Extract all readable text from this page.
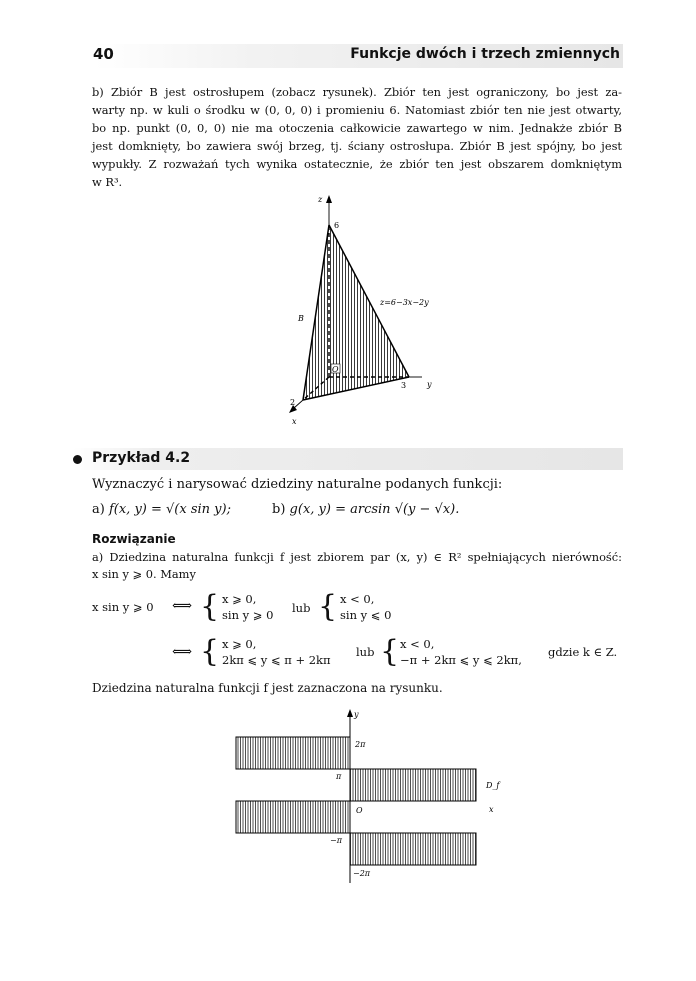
40	Funkcje dwóch i trzech zmiennych
b) Zbiór B jest ostrosłupem (zobacz rysunek). Zbiór ten jest ograniczony, bo jest za-
warty np. w kuli o środku w (0, 0, 0) i promieniu 6. Natomiast zbiór ten nie jest otwarty,
bo np. punkt (0, 0, 0) nie ma otoczenia całkowicie zawartego w nim. Jednakże zbiór B
jest domknięty, bo zawiera swój brzeg, tj. ściany ostrosłupa. Zbiór B jest spójny, bo jest
wypukły. Z rozważań tych wynika ostatecznie, że zbiór ten jest obszarem domkniętym
w R³.
O
z
6
3	y
2
x
B
z=6−3x−2y
Przykład 4.2
Wyznaczyć i narysować dziedziny naturalne podanych funkcji:
a) f(x, y) = √(x sin y);	b) g(x, y) = arcsin √(y − √x).
Rozwiązanie
a) Dziedzina naturalna funkcji f jest zbiorem par (x, y) ∈ R² spełniających nierówność:
x sin y ⩾ 0. Mamy
x sin y ⩾ 0 ⟺ { x ⩾ 0,
sin y ⩾ 0 lub { x < 0,
sin y ⩽ 0
⟺ { x ⩾ 0,
2kπ ⩽ y ⩽ π + 2kπ
lub { x < 0,
−π + 2kπ ⩽ y ⩽ 2kπ,
gdzie k ∈ Z.
Dziedzina naturalna funkcji f jest zaznaczona na rysunku.
y
2π
π
O
−π
−2π
D_f
x
